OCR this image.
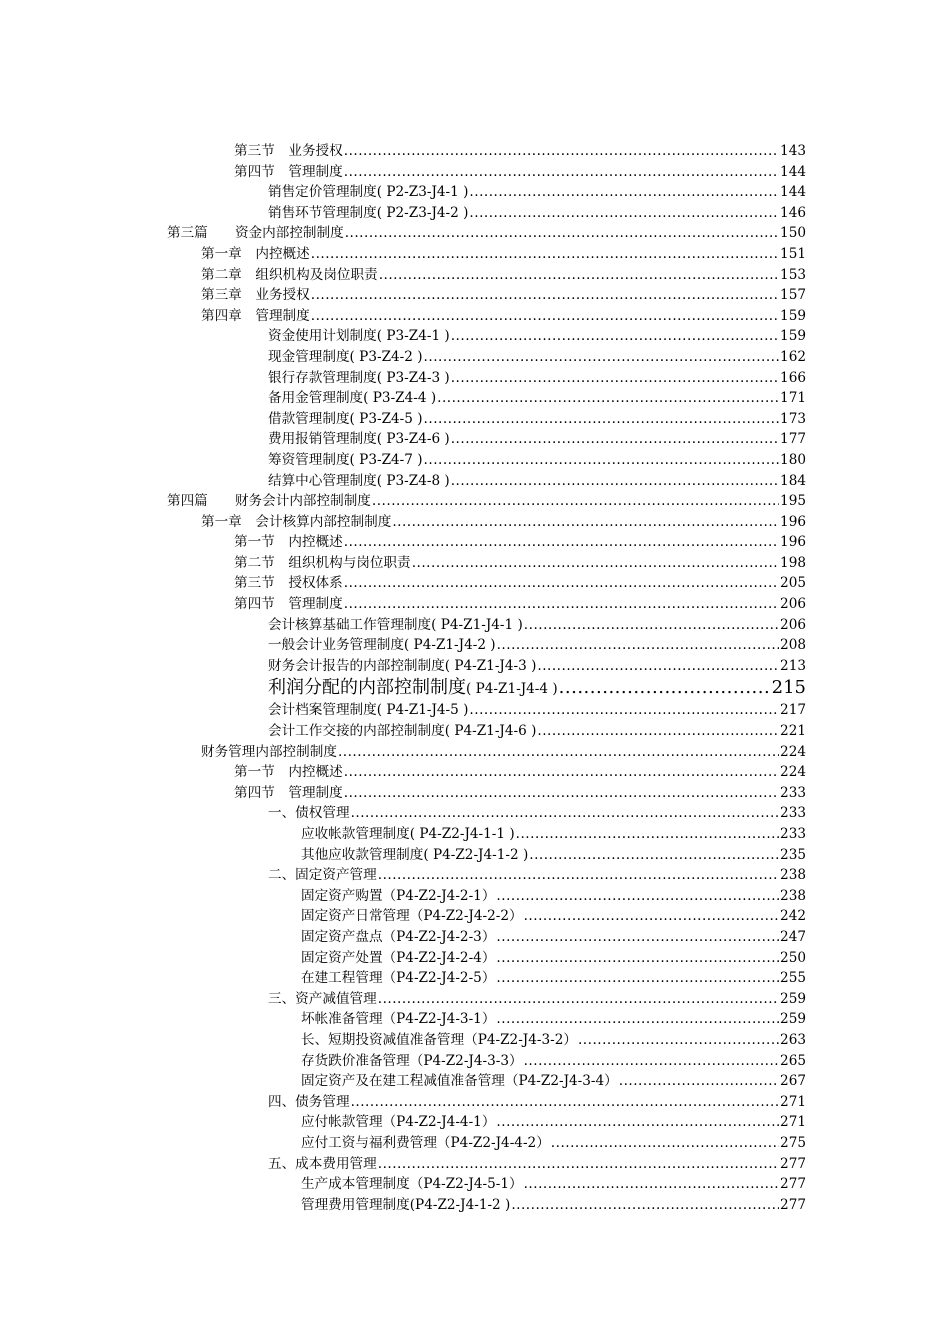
第三节　业务授权 .....	143
第四节　管理制度 .....	144
销售定价管理制度( P2-Z3-J4-1 ) .....	144
销售环节管理制度( P2-Z3-J4-2 ) .....	146
第三篇　　资金内部控制制度 .....	150
第一章　内控概述 .....	151
第二章　组织机构及岗位职责 .....	153
第三章　业务授权 .....	157
第四章　管理制度 .....	159
资金使用计划制度( P3-Z4-1 ) .....	159
现金管理制度( P3-Z4-2 ) .....	162
银行存款管理制度( P3-Z4-3 ) .....	166
备用金管理制度( P3-Z4-4 ) .....	171
借款管理制度( P3-Z4-5 ) .....	173
费用报销管理制度( P3-Z4-6 ) .....	177
筹资管理制度( P3-Z4-7 ) .....	180
结算中心管理制度( P3-Z4-8 ) .....	184
第四篇　　财务会计内部控制制度 .....	195
第一章　会计核算内部控制制度 .....	196
第一节　内控概述 .....	196
第二节　组织机构与岗位职责 .....	198
第三节　授权体系 .....	205
第四节　管理制度 .....	206
会计核算基础工作管理制度( P4-Z1-J4-1 ) .....	206
一般会计业务管理制度( P4-Z1-J4-2 ) .....	208
财务会计报告的内部控制制度( P4-Z1-J4-3 ) .....	213
利润分配的内部控制制度( P4-Z1-J4-4 ) .....	215
会计档案管理制度( P4-Z1-J4-5 ) .....	217
会计工作交接的内部控制制度( P4-Z1-J4-6 ) .....	221
财务管理内部控制制度 .....	224
第一节　内控概述 .....	224
第四节　管理制度 .....	233
一、债权管理 .....	233
应收帐款管理制度( P4-Z2-J4-1-1 ) .....	233
其他应收款管理制度( P4-Z2-J4-1-2 ) .....	235
二、固定资产管理 .....	238
固定资产购置（P4-Z2-J4-2-1） .....	238
固定资产日常管理（P4-Z2-J4-2-2） .....	242
固定资产盘点（P4-Z2-J4-2-3） .....	247
固定资产处置（P4-Z2-J4-2-4） .....	250
在建工程管理（P4-Z2-J4-2-5） .....	255
三、资产减值管理 .....	259
坏帐准备管理（P4-Z2-J4-3-1） .....	259
长、短期投资减值准备管理（P4-Z2-J4-3-2） .....	263
存货跌价准备管理（P4-Z2-J4-3-3） .....	265
固定资产及在建工程减值准备管理（P4-Z2-J4-3-4） .....	267
四、债务管理 .....	271
应付帐款管理（P4-Z2-J4-4-1） .....	271
应付工资与福利费管理（P4-Z2-J4-4-2） .....	275
五、成本费用管理 .....	277
生产成本管理制度（P4-Z2-J4-5-1） .....	277
管理费用管理制度(P4-Z2-J4-1-2 ) .....	277
